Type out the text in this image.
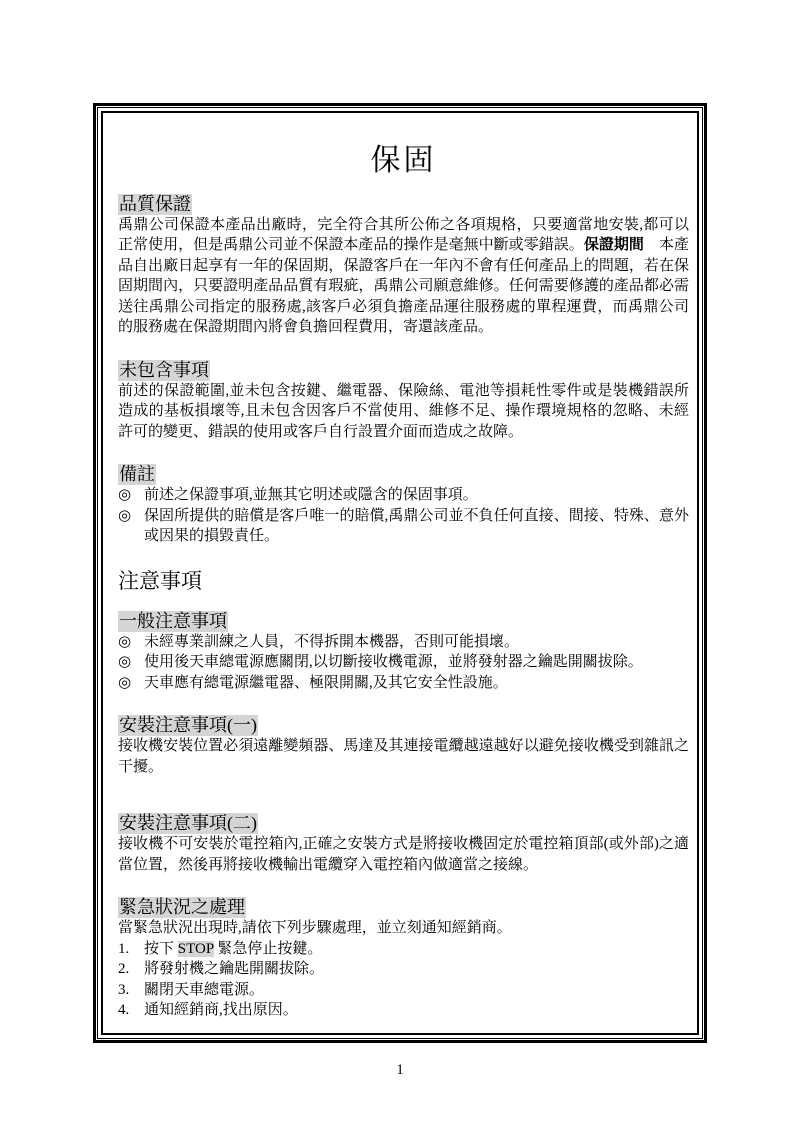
保固
品質保證

禹鼎公司保證本產品出廠時，完全符合其所公佈之各項規格，只要適當地安裝,都可以正常使用，但是禹鼎公司並不保證本產品的操作是毫無中斷或零錯誤。保證期間　本產品自出廠日起享有一年的保固期，保證客戶在一年內不會有任何產品上的問題，若在保固期間內，只要證明產品品質有瑕疵，禹鼎公司願意維修。任何需要修護的產品都必需送往禹鼎公司指定的服務處,該客戶必須負擔產品運往服務處的單程運費，而禹鼎公司的服務處在保證期間內將會負擔回程費用，寄還該產品。

未包含事項

前述的保證範圍,並未包含按鍵、繼電器、保險絲、電池等損耗性零件或是裝機錯誤所造成的基板損壞等,且未包含因客戶不當使用、維修不足、操作環境規格的忽略、未經許可的變更、錯誤的使用或客戶自行設置介面而造成之故障。

備註
◎ 前述之保證事項,並無其它明述或隱含的保固事項。
◎ 保固所提供的賠償是客戶唯一的賠償,禹鼎公司並不負任何直接、間接、特殊、意外或因果的損毀責任。
注意事項
一般注意事項
◎ 未經專業訓練之人員，不得拆開本機器，否則可能損壞。
◎ 使用後天車總電源應關閉,以切斷接收機電源，並將發射器之鑰匙開關拔除。
◎ 天車應有總電源繼電器、極限開關,及其它安全性設施。
安裝注意事項(一)

接收機安裝位置必須遠離變頻器、馬達及其連接電纜越遠越好以避免接收機受到雜訊之干擾。

安裝注意事項(二)

接收機不可安裝於電控箱內,正確之安裝方式是將接收機固定於電控箱頂部(或外部)之適當位置，然後再將接收機輸出電纜穿入電控箱內做適當之接線。

緊急狀況之處理

當緊急狀況出現時,請依下列步驟處理，並立刻通知經銷商。

1. 按下 STOP 緊急停止按鍵。
2. 將發射機之鑰匙開關拔除。
3. 關閉天車總電源。
4. 通知經銷商,找出原因。
1
